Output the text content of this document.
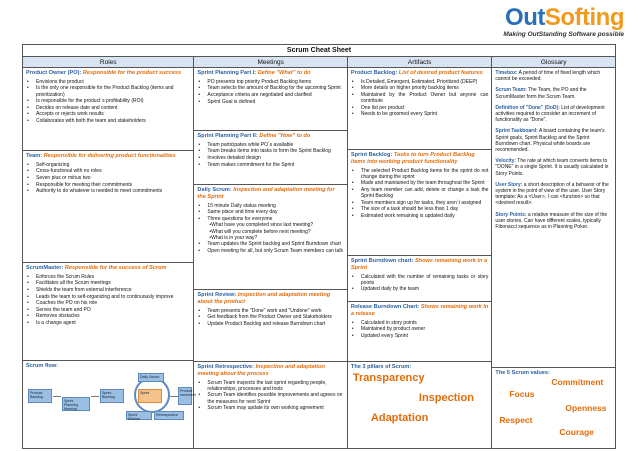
OutSofting
Making OutStanding Software possible
Scrum Cheat Sheet
Roles	Meetings	Artifacts	Glossary
Product Owner (PO): Responsible for the product success
• Envisions the product
• Is the only one responsible for the Product Backlog (items and prioritization)
• Is responsible for the product´s profitability (ROI)
• Decides on release date and content
• Accepts or rejects work results
• Collaborates with both the team and stakeholders
Team: Responsible for delivering product functionalities
• Self-organizing
• Cross-functional with no roles
• Seven plus or minus two
• Responsible for meeting their commitments
• Authority to do whatever is needed to meet commitments
ScrumMaster: Responsible for the success of Scrum
• Enforces the Scrum Rules
• Facilitates all the Scrum meetings
• Shields the team from external interference
• Leads the team to self-organizing and to continuously improve
• Coaches the PO on his role
• Serves the team and PO
• Removes obstacles
• Is a change agent
Scrum flow:
Product Backlog
Sprint Planning Meeting
Sprint Backlog
Sprint
Daily Scrum
Sprint Review
Retrospective
Product Increment
Sprint Planning Part I: Define "What" to do
• PO presents top priority Product Backlog items
• Team selects the amount of Backlog for the upcoming Sprint
• Acceptance criteria are negotiated and clarified
• Sprint Goal is defined
Sprint Planning Part II: Define "How" to do
• Team participates while PO´s available
• Team breaks items into tasks to form the Sprint Backlog
• Involves detailed design
• Team makes commitment for the Sprint
Daily Scrum: Inspection and adaptation meeting for the Sprint
• 15 minute Daily status meeting
• Same place and time every day
• Three questions for everyone
•What have you completed since last meeting?
•What will you complete before next meeting?
•What is in your way?
• Team updates the Sprint backlog and Sprint Burndown chart
• Open meeting for all, but only Scrum Team members can talk
Sprint Review: Inspection and adaptation meeting about the product
• Team presents the "Done" work and "Undone" work
• Get feedback from the Product Owner and Stakeholders
• Update Product Backlog and release Burndown chart
Sprint Retrospective: Inspection and adaptation meeting about the process
• Scrum Team inspects the last sprint regarding people, relationships, processes and tools
• Scrum Team identifies possible improvements and agrees on the measures for next Sprint
• Scrum Team may update its own working agreement
Product Backlog: List of desired product features
• Is Detailed, Emergent, Estimated, Prioritized (DEEP)
• More details on higher priority backlog items
• Maintained by the Product Owner but anyone can contribute
• One list per product
• Needs to be groomed every Sprint
Sprint Backlog: Tasks to turn Product Backlog items into working product functionality
• The selected Product Backlog items for the sprint do not change during the sprint
• Made and maintained by the team throughout the Sprint
• Any team member can add, delete or change a task the Sprint Backlog
• Team members sign up for tasks, they aren´t assigned
• The size of a task should be less than 1 day
• Estimated work remaining is updated daily
Sprint Burndown chart: Shows remaining work in a Sprint
• Calculated with the number of remaining tasks or story points
• Updated daily by the team
Release Burndown Chart: Shows remaining work in a release
• Calculated in story points
• Maintained by product owner
• Updated every Sprint
The 3 pillars of Scrum:
Transparency
Inspection
Adaptation

Timebox: A period of time of fixed length which cannot be exceeded.

Scrum Team: The Team, the PO and the ScrumMaster form the Scrum Team.

Definition of "Done" (DoD): List of development activities required to consider an increment of functionality as "Done".

Sprint Taskboard: A board containing the team's Sprint goals, Sprint Backlog and the Sprint Burndown chart. Physical white boards are recommended.

Velocity: The rate at which team converts items to "DONE" in a single Sprint. It is usually calculated in Story Points.

User Story: a short description of a behavior of the system in the point of view of the user. User Story template: As a <User>, I can <function> so that <desired result>.

Story Points: a relative measure of the size of the user stories. Can have different scales, typically Fibonacci sequence as in Planning Poker.

The 5 Scrum values:
Commitment
Focus
Openness
Respect
Courage
